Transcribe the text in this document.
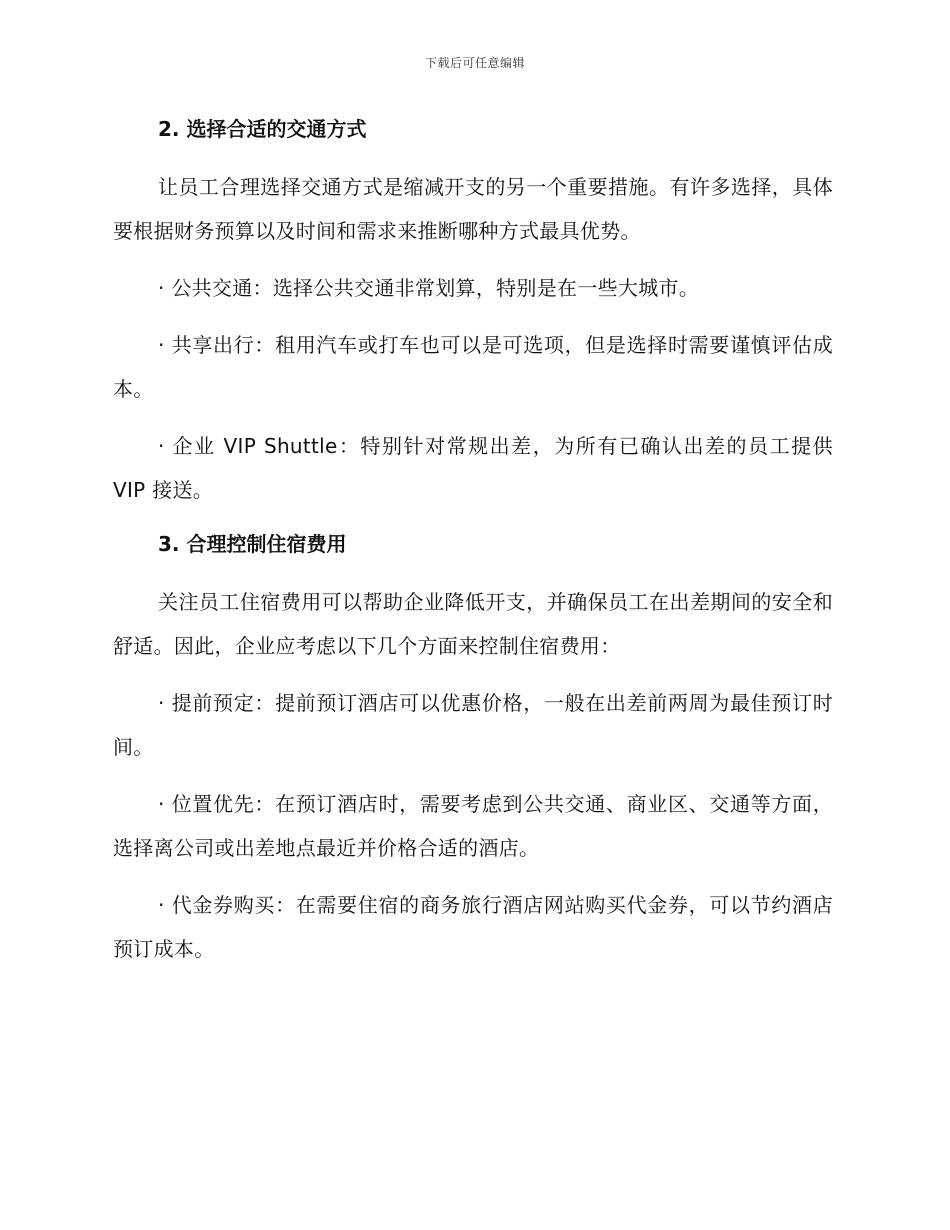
下载后可任意编辑
2. 选择合适的交通方式

让员工合理选择交通方式是缩减开支的另一个重要措施。有许多选择，具体要根据财务预算以及时间和需求来推断哪种方式最具优势。

· 公共交通：选择公共交通非常划算，特别是在一些大城市。

· 共享出行：租用汽车或打车也可以是可选项，但是选择时需要谨慎评估成本。

· 企业 VIP Shuttle：特别针对常规出差，为所有已确认出差的员工提供 VIP 接送。

3. 合理控制住宿费用

关注员工住宿费用可以帮助企业降低开支，并确保员工在出差期间的安全和舒适。因此，企业应考虑以下几个方面来控制住宿费用：

· 提前预定：提前预订酒店可以优惠价格，一般在出差前两周为最佳预订时间。

· 位置优先：在预订酒店时，需要考虑到公共交通、商业区、交通等方面，选择离公司或出差地点最近并价格合适的酒店。

· 代金券购买：在需要住宿的商务旅行酒店网站购买代金券，可以节约酒店预订成本。
